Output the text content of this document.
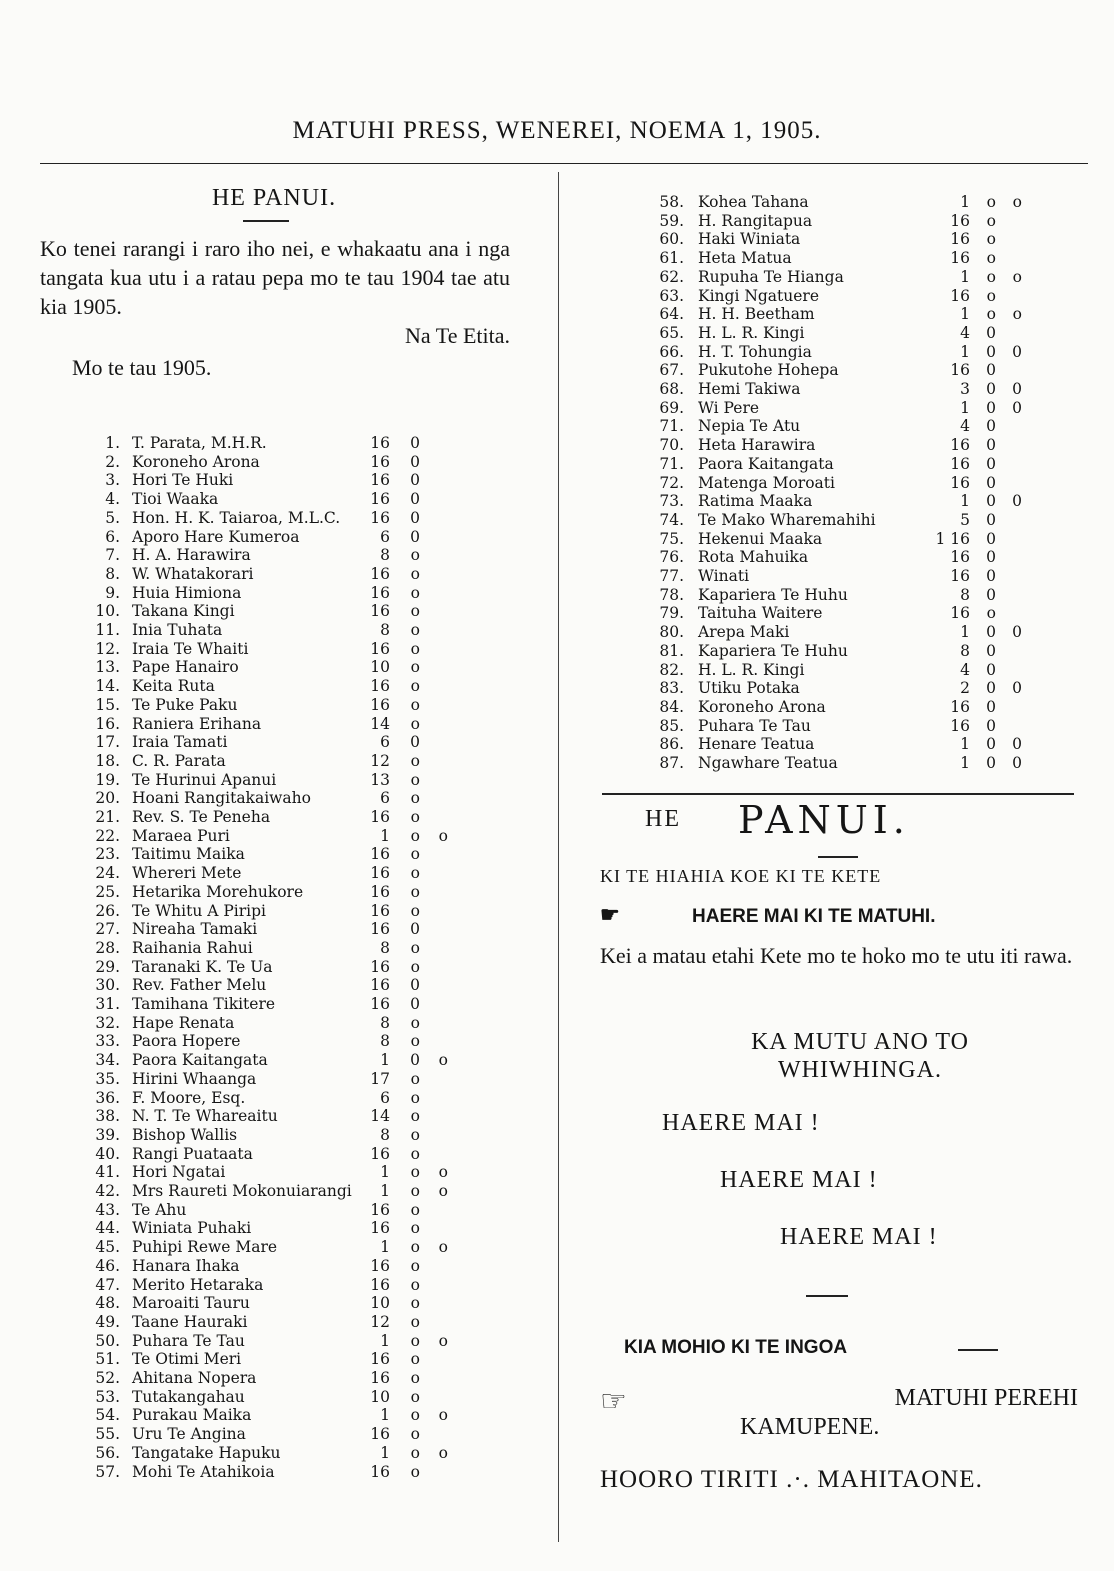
MATUHI PRESS, WENEREI, NOEMA 1, 1905.
HE PANUI.
Ko tenei rarangi i raro iho nei, e whakaatu ana i nga tangata kua utu i a ratau pepa mo te tau 1904 tae atu kia 1905.
Na Te Etita.
Mo te tau 1905.
1. T. Parata, M.H.R.	16	0
2. Koroneho Arona	16	0
3. Hori Te Huki	16	0
4. Tioi Waaka	16	0
5. Hon. H. K. Taiaroa, M.L.C.	16	0
6. Aporo Hare Kumeroa	6	0
7. H. A. Harawira	8	o
8. W. Whatakorari	16	o
9. Huia Himiona	16	o
10. Takana Kingi	16	o
11. Inia Tuhata	8	o
12. Iraia Te Whaiti	16	o
13. Pape Hanairo	10	o
14. Keita Ruta	16	o
15. Te Puke Paku	16	o
16. Raniera Erihana	14	o
17. Iraia Tamati	6	0
18. C. R. Parata	12	o
19. Te Hurinui Apanui	13	o
20. Hoani Rangitakaiwaho	6	o
21. Rev. S. Te Peneha	16	o
22. Maraea Puri	1	o	o
23. Taitimu Maika	16	o
24. Whereri Mete	16	o
25. Hetarika Morehukore	16	o
26. Te Whitu A Piripi	16	o
27. Nireaha Tamaki	16	0
28. Raihania Rahui	8	o
29. Taranaki K. Te Ua	16	o
30. Rev. Father Melu	16	0
31. Tamihana Tikitere	16	0
32. Hape Renata	8	o
33. Paora Hopere	8	o
34. Paora Kaitangata	1	0	o
35. Hirini Whaanga	17	o
36. F. Moore, Esq.	6	o
38. N. T. Te Whareaitu	14	o
39. Bishop Wallis	8	o
40. Rangi Puataata	16	o
41. Hori Ngatai	1	o	o
42. Mrs Raureti Mokonuiarangi	1	o	o
43. Te Ahu	16	o
44. Winiata Puhaki	16	o
45. Puhipi Rewe Mare	1	o	o
46. Hanara Ihaka	16	o
47. Merito Hetaraka	16	o
48. Maroaiti Tauru	10	o
49. Taane Hauraki	12	o
50. Puhara Te Tau	1	o	o
51. Te Otimi Meri	16	o
52. Ahitana Nopera	16	o
53. Tutakangahau	10	o
54. Purakau Maika	1	o	o
55. Uru Te Angina	16	o
56. Tangatake Hapuku	1	o	o
57. Mohi Te Atahikoia	16	o
58. Kohea Tahana	1	o	o
59. H. Rangitapua	16	o
60. Haki Winiata	16	o
61. Heta Matua	16	o
62. Rupuha Te Hianga	1	o	o
63. Kingi Ngatuere	16	o
64. H. H. Beetham	1	o	o
65. H. L. R. Kingi	4	0
66. H. T. Tohungia	1	0	0
67. Pukutohe Hohepa	16	0
68. Hemi Takiwa	3	0	0
69. Wi Pere	1	0	0
71. Nepia Te Atu	4	0
70. Heta Harawira	16	0
71. Paora Kaitangata	16	0
72. Matenga Moroati	16	0
73. Ratima Maaka	1	0	0
74. Te Mako Wharemahihi	5	0
75. Hekenui Maaka	1 16	0
76. Rota Mahuika	16	0
77. Winati	16	0
78. Kapariera Te Huhu	8	0
79. Taituha Waitere	16	o
80. Arepa Maki	1	0	0
81. Kapariera Te Huhu	8	0
82. H. L. R. Kingi	4	0
83. Utiku Potaka	2	0	0
84. Koroneho Arona	16	0
85. Puhara Te Tau	16	0
86. Henare Teatua	1	0	0
87. Ngawhare Teatua	1	0	0
HE PANUI.
KI TE HIAHIA KOE KI TE KETE
☛	HAERE MAI KI TE MATUHI.
Kei a matau etahi Kete mo te hoko mo te utu iti rawa.
KA MUTU ANO TO WHIWHINGA.
HAERE MAI !
HAERE MAI !
HAERE MAI !
KIA MOHIO KI TE INGOA
☞	MATUHI PEREHI
KAMUPENE.
HOORO TIRITI .·. MAHITAONE.
